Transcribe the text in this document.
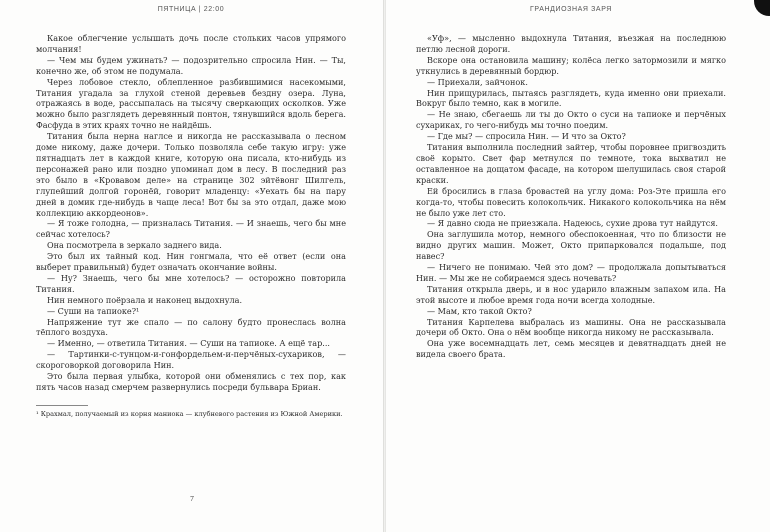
ПЯТНИЦА | 22:00

Какое облегчение услышать дочь после стольких часов упрямого молчания!

— Чем мы будем ужинать? — подозрительно спросила Нин. — Ты, конечно же, об этом не подумала.

Через лобовое стекло, облепленное разбившимися насекомыми, Титания угадала за глухой стеной деревьев бездну озера. Луна, отражаясь в воде, рассыпалась на тысячу сверкающих осколков. Уже можно было разглядеть деревянный понтон, тянувшийся вдоль берега. Фасфуда в этих краях точно не найдёшь.

Титания была нерна наглсе и никогда не рассказывала о лесном доме никому, даже дочери. Только позволяла себе такую игру: уже пятнадцать лет в каждой книге, которую она писала, кто-нибудь из персонажей рано или поздно упоминал дом в лесу. В последний раз это было в «Кровавом деле» на странице 302 эйтёвонг Шилгель, глупейший долгой горонёй, говорит младенцу: «Уехать бы на пару дней в домик где-нибудь в чаще леса! Вот бы за это отдал, даже мою коллекцию аккордеонов».

— Я тоже голодна, — призналась Титания. — И знаешь, чего бы мне сейчас хотелось?

Она посмотрела в зеркало заднего вида.

Это был их тайный код. Нин гонгмала, что её ответ (если она выберет правильный) будет означать окончание войны.

— Ну? Знаешь, чего бы мне хотелось? — осторожно повторила Титания.

Нин немного поёрзала и наконец выдохнула.

— Суши на тапиоке?¹

Напряжение тут же спало — по салону будто пронеслась волна тёплого воздуха.

— Именно, — ответила Титания. — Суши на тапиоке. А ещё тар...

— Тартинки-с-тунцом-и-гонфордельем-и-перчёных-сухариков, — скороговоркой договорила Нин.

Это была первая улыбка, которой они обменялись с тех пор, как пять часов назад смерчем развернулись посреди бульвара Бриан.

¹ Крахмал, получаемый из корня маниока — клубневого растения из Южной Америки.

7
ГРАНДИОЗНАЯ ЗАРЯ

«Уф», — мысленно выдохнула Титания, въезжая на последнюю петлю лесной дороги.

Вскоре она остановила машину; колёса легко затормозили и мягко уткнулись в деревянный бордюр.

— Приехали, зайчонок.

Нин прищурилась, пытаясь разглядеть, куда именно они приехали. Вокруг было темно, как в могиле.

— Не знаю, сбегаешь ли ты до Окто о суси на тапиоке и перчёных сухариках, го чего-нибудь мы точно поедим.

— Где мы? — спросила Нин. — И что за Окто?

Титания выполнила последний зайтер, чтобы поровнее пригвоздить своё корыто. Свет фар метнулся по темноте, тока выхватил не оставленное на дощатом фасаде, на котором шелушилась своя старой краски.

Ей бросились в глаза бровастей на углу дома: Роз-Эте пришла его когда-то, чтобы повесить колокольчик. Никакого колокольчика на нём не было уже лет сто.

— Я давно сюда не приезжала. Надеюсь, сухие дрова тут найдутся.

Она заглушила мотор, немного обеспокоенная, что по близости не видно других машин. Может, Окто припарковался подальше, под навес?

— Ничего не понимаю. Чей это дом? — продолжала допытываться Нин. — Мы же не собираемся здесь ночевать?

Титания открыла дверь, и в нос ударило влажным запахом ила. На этой высоте и любое время года ночи всегда холодные.

— Мам, кто такой Окто?

Титания Карпелева выбралась из машины. Она не рассказывала дочери об Окто. Она о нём вообще никогда никому не рассказывала.

Она уже восемнадцать лет, семь месяцев и девятнадцать дней не видела своего брата.
